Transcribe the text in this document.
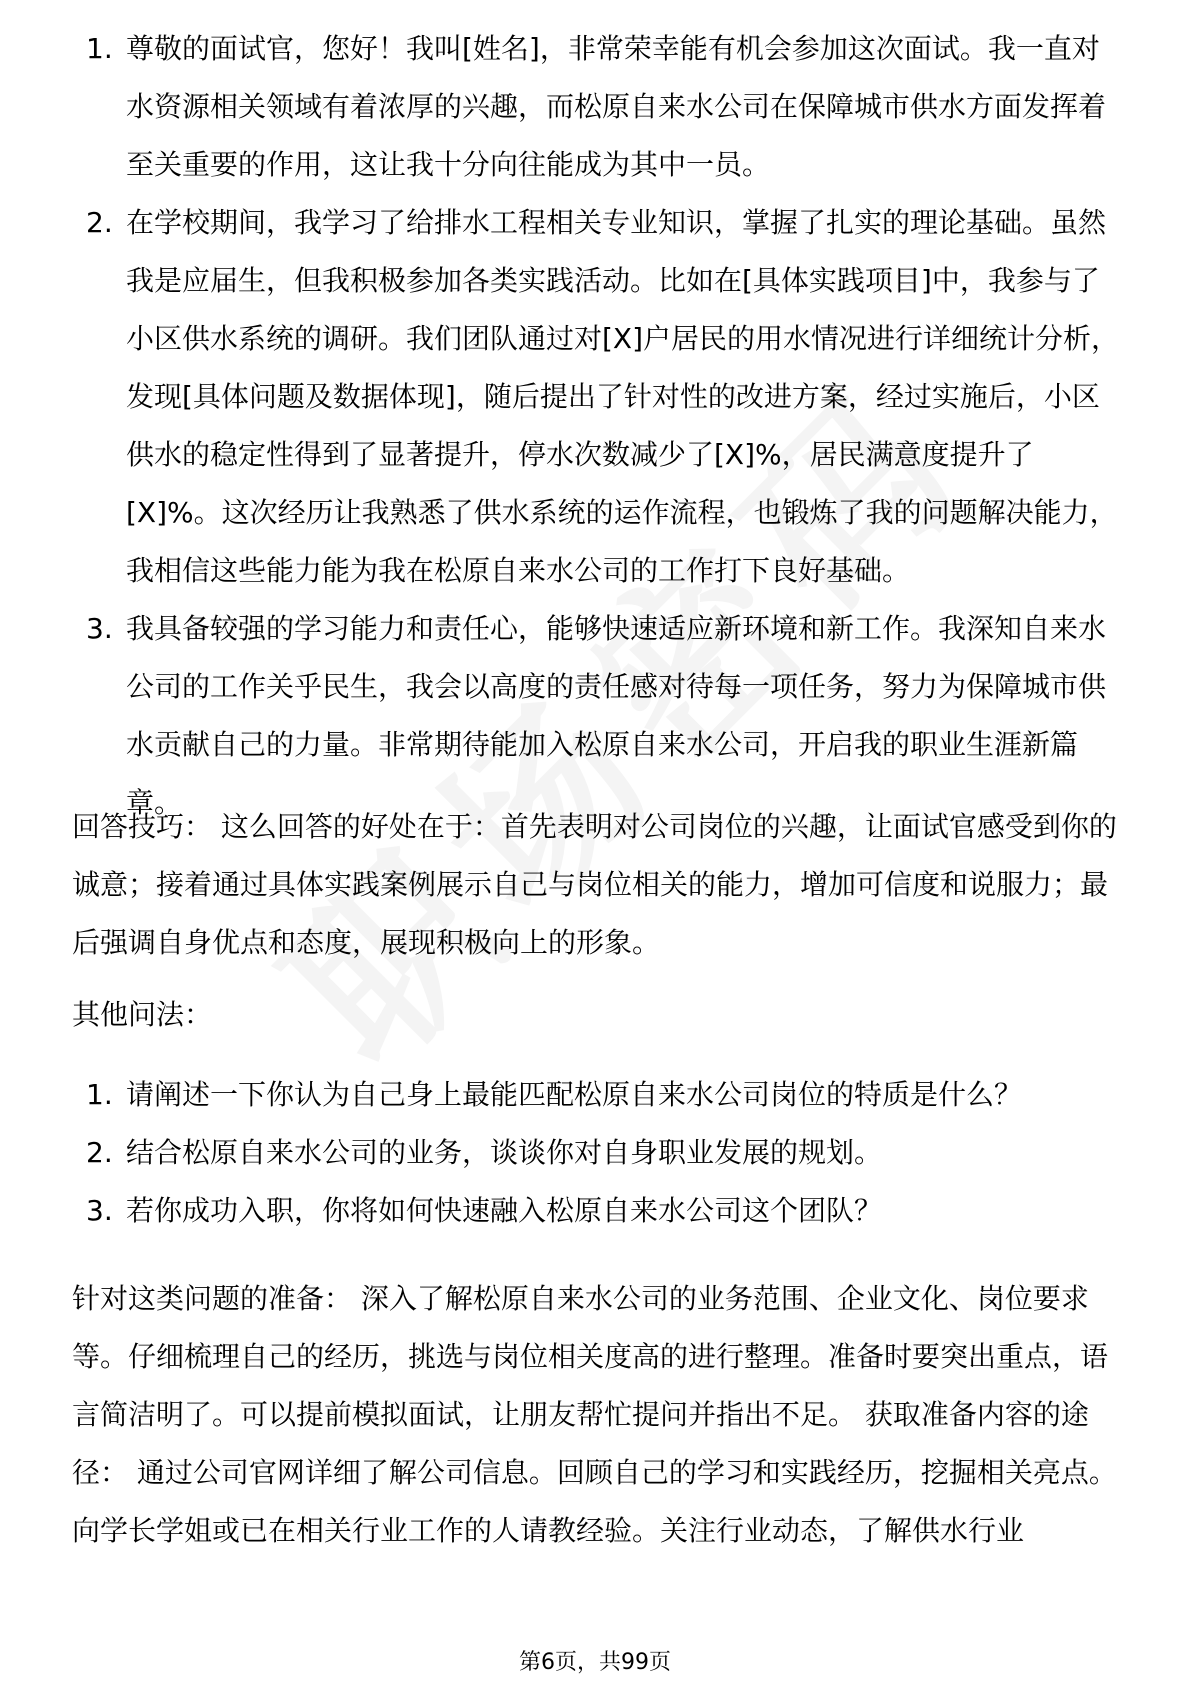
1. 尊敬的面试官，您好！我叫[姓名]，非常荣幸能有机会参加这次面试。我一直对水资源相关领域有着浓厚的兴趣，而松原自来水公司在保障城市供水方面发挥着至关重要的作用，这让我十分向往能成为其中一员。
2. 在学校期间，我学习了给排水工程相关专业知识，掌握了扎实的理论基础。虽然我是应届生，但我积极参加各类实践活动。比如在[具体实践项目]中，我参与了小区供水系统的调研。我们团队通过对[X]户居民的用水情况进行详细统计分析，发现[具体问题及数据体现]，随后提出了针对性的改进方案，经过实施后，小区供水的稳定性得到了显著提升，停水次数减少了[X]%，居民满意度提升了[X]%。这次经历让我熟悉了供水系统的运作流程，也锻炼了我的问题解决能力，我相信这些能力能为我在松原自来水公司的工作打下良好基础。
3. 我具备较强的学习能力和责任心，能够快速适应新环境和新工作。我深知自来水公司的工作关乎民生，我会以高度的责任感对待每一项任务，努力为保障城市供水贡献自己的力量。非常期待能加入松原自来水公司，开启我的职业生涯新篇章。

回答技巧： 这么回答的好处在于：首先表明对公司岗位的兴趣，让面试官感受到你的诚意；接着通过具体实践案例展示自己与岗位相关的能力，增加可信度和说服力；最后强调自身优点和态度，展现积极向上的形象。

其他问法：

1. 请阐述一下你认为自己身上最能匹配松原自来水公司岗位的特质是什么？
2. 结合松原自来水公司的业务，谈谈你对自身职业发展的规划。
3. 若你成功入职，你将如何快速融入松原自来水公司这个团队？

针对这类问题的准备： 深入了解松原自来水公司的业务范围、企业文化、岗位要求等。仔细梳理自己的经历，挑选与岗位相关度高的进行整理。准备时要突出重点，语言简洁明了。可以提前模拟面试，让朋友帮忙提问并指出不足。 获取准备内容的途径： 通过公司官网详细了解公司信息。回顾自己的学习和实践经历，挖掘相关亮点。向学长学姐或已在相关行业工作的人请教经验。关注行业动态，了解供水行业

第6页，共99页
